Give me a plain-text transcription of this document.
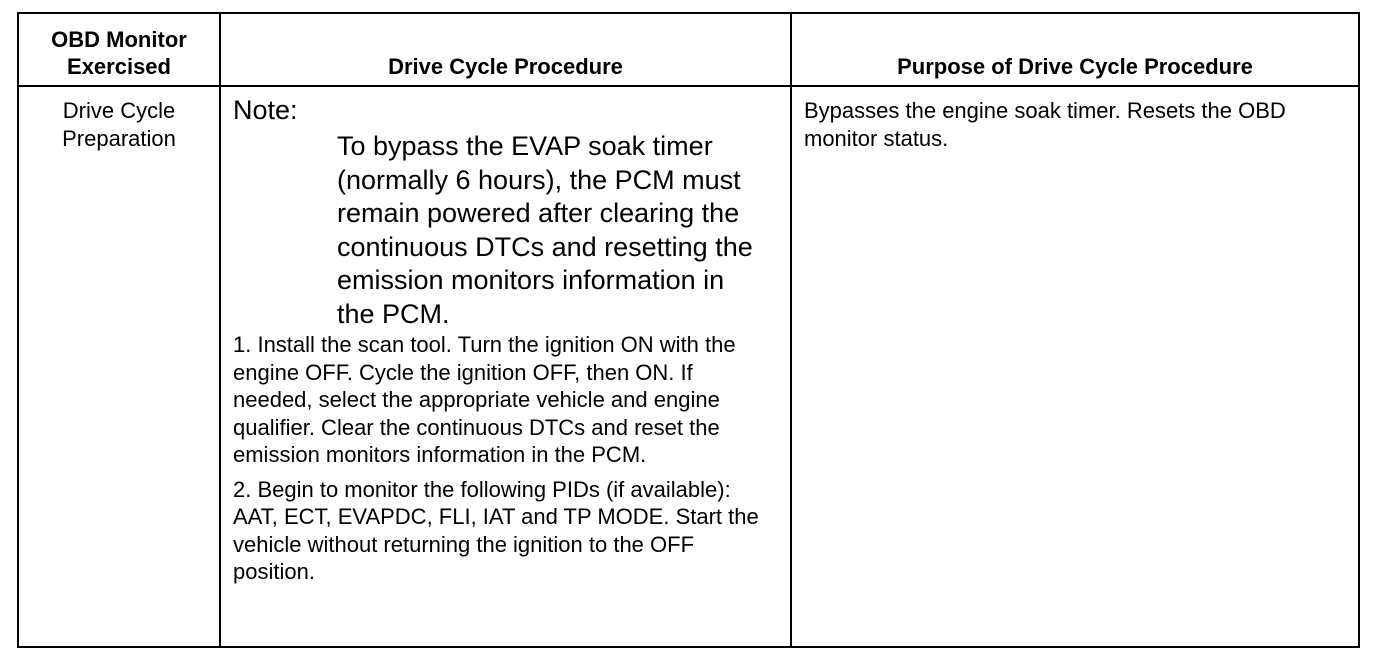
OBD Monitor Exercised	Drive Cycle Procedure	Purpose of Drive Cycle Procedure

Drive Cycle Preparation	Note:

To bypass the EVAP soak timer (normally 6 hours), the PCM must remain powered after clearing the continuous DTCs and resetting the emission monitors information in the PCM.

1. Install the scan tool. Turn the ignition ON with the engine OFF. Cycle the ignition OFF, then ON. If needed, select the appropriate vehicle and engine qualifier. Clear the continuous DTCs and reset the emission monitors information in the PCM.

2. Begin to monitor the following PIDs (if available): AAT, ECT, EVAPDC, FLI, IAT and TP MODE. Start the vehicle without returning the ignition to the OFF position.	Bypasses the engine soak timer. Resets the OBD monitor status.
